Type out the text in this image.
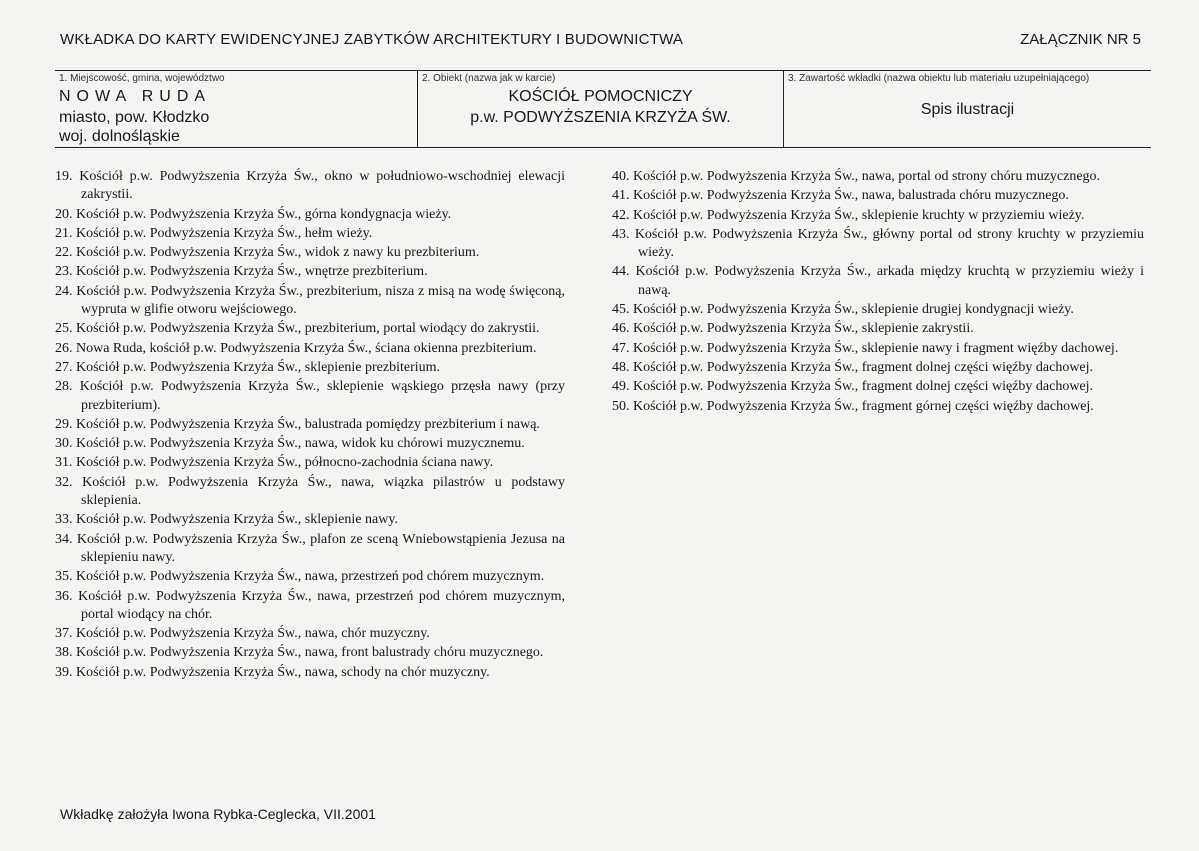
WKŁADKA DO KARTY EWIDENCYJNEJ ZABYTKÓW ARCHITEKTURY I BUDOWNICTWA	ZAŁĄCZNIK NR 5
1. Miejscowość, gmina, województwo
NOWA RUDA
miasto, pow. Kłodzko
woj. dolnośląskie
2. Obiekt (nazwa jak w karcie)
KOŚCIÓŁ POMOCNICZY
p.w. PODWYŻSZENIA KRZYŻA ŚW.
3. Zawartość wkładki (nazwa obiektu lub materiału uzupełniającego)
Spis ilustracji
19. Kościół p.w. Podwyższenia Krzyża Św., okno w południowo-wschodniej elewacji zakrystii.
20. Kościół p.w. Podwyższenia Krzyża Św., górna kondygnacja wieży.
21. Kościół p.w. Podwyższenia Krzyża Św., hełm wieży.
22. Kościół p.w. Podwyższenia Krzyża Św., widok z nawy ku prezbiterium.
23. Kościół p.w. Podwyższenia Krzyża Św., wnętrze prezbiterium.
24. Kościół p.w. Podwyższenia Krzyża Św., prezbiterium, nisza z misą na wodę święconą, wypruta w glifie otworu wejściowego.
25. Kościół p.w. Podwyższenia Krzyża Św., prezbiterium, portal wiodący do zakrystii.
26. Nowa Ruda, kościół p.w. Podwyższenia Krzyża Św., ściana okienna prezbiterium.
27. Kościół p.w. Podwyższenia Krzyża Św., sklepienie prezbiterium.
28. Kościół p.w. Podwyższenia Krzyża Św., sklepienie wąskiego przęsła nawy (przy prezbiterium).
29. Kościół p.w. Podwyższenia Krzyża Św., balustrada pomiędzy prezbiterium i nawą.
30. Kościół p.w. Podwyższenia Krzyża Św., nawa, widok ku chórowi muzycznemu.
31. Kościół p.w. Podwyższenia Krzyża Św., północno-zachodnia ściana nawy.
32. Kościół p.w. Podwyższenia Krzyża Św., nawa, wiązka pilastrów u podstawy sklepienia.
33. Kościół p.w. Podwyższenia Krzyża Św., sklepienie nawy.
34. Kościół p.w. Podwyższenia Krzyża Św., plafon ze sceną Wniebowstąpienia Jezusa na sklepieniu nawy.
35. Kościół p.w. Podwyższenia Krzyża Św., nawa, przestrzeń pod chórem muzycznym.
36. Kościół p.w. Podwyższenia Krzyża Św., nawa, przestrzeń pod chórem muzycznym, portal wiodący na chór.
37. Kościół p.w. Podwyższenia Krzyża Św., nawa, chór muzyczny.
38. Kościół p.w. Podwyższenia Krzyża Św., nawa, front balustrady chóru muzycznego.
39. Kościół p.w. Podwyższenia Krzyża Św., nawa, schody na chór muzyczny.
40. Kościół p.w. Podwyższenia Krzyża Św., nawa, portal od strony chóru muzycznego.
41. Kościół p.w. Podwyższenia Krzyża Św., nawa, balustrada chóru muzycznego.
42. Kościół p.w. Podwyższenia Krzyża Św., sklepienie kruchty w przyziemiu wieży.
43. Kościół p.w. Podwyższenia Krzyża Św., główny portal od strony kruchty w przyziemiu wieży.
44. Kościół p.w. Podwyższenia Krzyża Św., arkada między kruchtą w przyziemiu wieży i nawą.
45. Kościół p.w. Podwyższenia Krzyża Św., sklepienie drugiej kondygnacji wieży.
46. Kościół p.w. Podwyższenia Krzyża Św., sklepienie zakrystii.
47. Kościół p.w. Podwyższenia Krzyża Św., sklepienie nawy i fragment więźby dachowej.
48. Kościół p.w. Podwyższenia Krzyża Św., fragment dolnej części więźby dachowej.
49. Kościół p.w. Podwyższenia Krzyża Św., fragment dolnej części więźby dachowej.
50. Kościół p.w. Podwyższenia Krzyża Św., fragment górnej części więźby dachowej.
Wkładkę założyła Iwona Rybka-Ceglecka, VII.2001
